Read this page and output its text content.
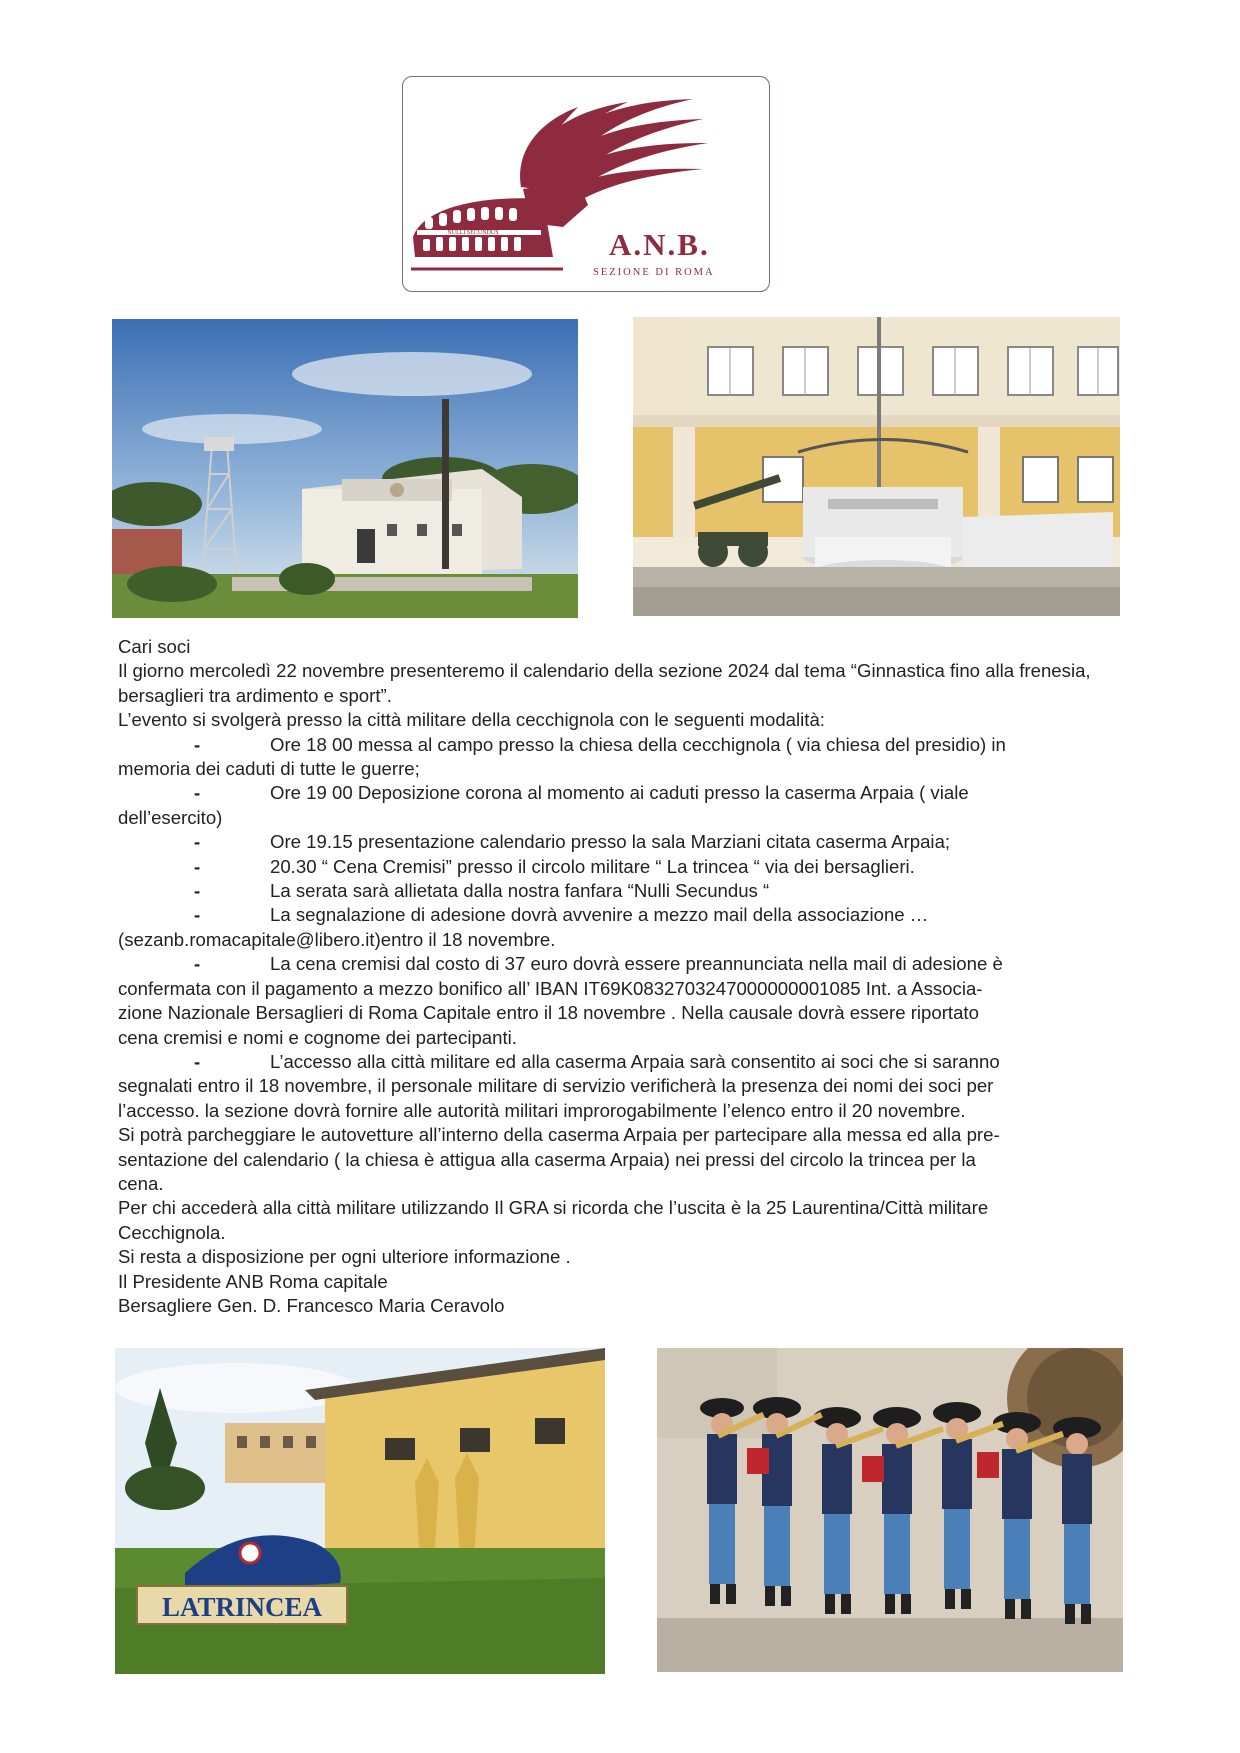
NULLI SECUNDUS	A.N.B.
SEZIONE DI ROMA

Cari soci

Il giorno mercoledì 22 novembre presenteremo il calendario della sezione 2024 dal tema “Ginnastica fino alla frenesia, bersaglieri tra ardimento e sport”.

L’evento si svolgerà presso la città militare della cecchignola con le seguenti modalità:

- Ore 18 00 messa al campo presso la chiesa della cecchignola ( via chiesa del presidio) in

memoria dei caduti di tutte le guerre;

- Ore 19 00 Deposizione corona al momento ai caduti presso la caserma Arpaia ( viale

dell’esercito)

- Ore 19.15 presentazione calendario presso la sala Marziani citata caserma Arpaia;

- 20.30 “ Cena Cremisi” presso il circolo militare “ La trincea “ via dei bersaglieri.

- La serata sarà allietata dalla nostra fanfara “Nulli Secundus “

- La segnalazione di adesione dovrà avvenire a mezzo mail della associazione …

(sezanb.romacapitale@libero.it)entro il 18 novembre.

- La cena cremisi dal costo di 37 euro dovrà essere preannunciata nella mail di adesione è

confermata con il pagamento a mezzo bonifico all’ IBAN IT69K0832703247000000001085 Int. a Associa-

zione Nazionale Bersaglieri di Roma Capitale entro il 18 novembre . Nella causale dovrà essere riportato

cena cremisi e nomi e cognome dei partecipanti.

- L’accesso alla città militare ed alla caserma Arpaia sarà consentito ai soci che si saranno

segnalati entro il 18 novembre, il personale militare di servizio verificherà la presenza dei nomi dei soci per

l’accesso. la sezione dovrà fornire alle autorità militari improrogabilmente l’elenco entro il 20 novembre.

Si potrà parcheggiare le autovetture all’interno della caserma Arpaia per partecipare alla messa ed alla pre-

sentazione del calendario ( la chiesa è attigua alla caserma Arpaia) nei pressi del circolo la trincea per la

cena.

Per chi accederà alla città militare utilizzando Il GRA si ricorda che l’uscita è la 25 Laurentina/Città militare

Cecchignola.

Si resta a disposizione per ogni ulteriore informazione .

Il Presidente ANB Roma capitale

Bersagliere Gen. D. Francesco Maria Ceravolo

LATRINCEA
